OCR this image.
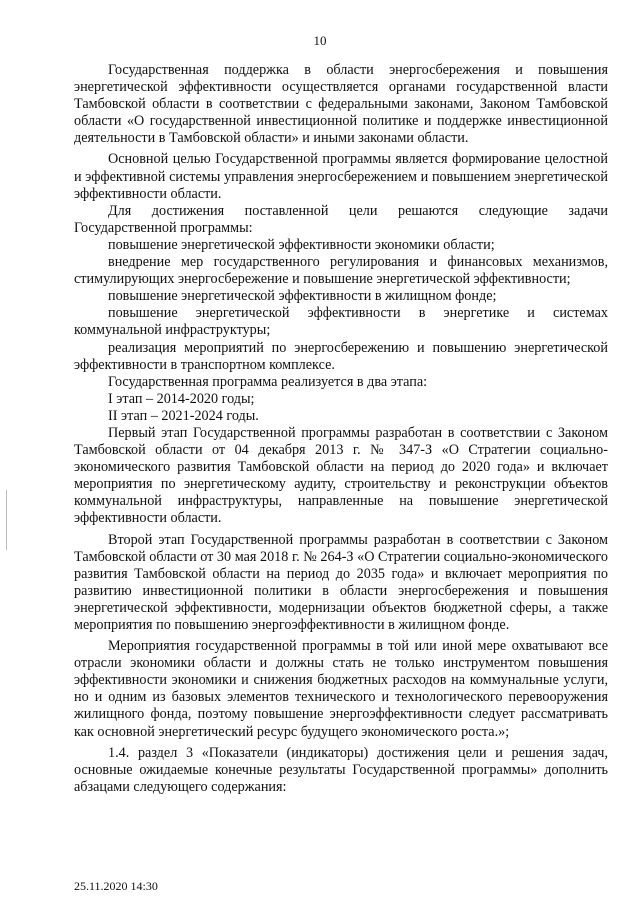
10

Государственная поддержка в области энергосбережения и повышения энергетической эффективности осуществляется органами государственной власти Тамбовской области в соответствии с федеральными законами, Законом Тамбовской области «О государственной инвестиционной политике и поддержке инвестиционной деятельности в Тамбовской области» и иными законами области.

Основной целью Государственной программы является формирование целостной и эффективной системы управления энергосбережением и повышением энергетической эффективности области.

Для достижения поставленной цели решаются следующие задачи Государственной программы:

повышение энергетической эффективности экономики области;

внедрение мер государственного регулирования и финансовых механизмов, стимулирующих энергосбережение и повышение энергетической эффективности;

повышение энергетической эффективности в жилищном фонде;

повышение энергетической эффективности в энергетике и системах коммунальной инфраструктуры;

реализация мероприятий по энергосбережению и повышению энергетической эффективности в транспортном комплексе.

Государственная программа реализуется в два этапа:

I этап – 2014-2020 годы;

II этап – 2021-2024 годы.

Первый этап Государственной программы разработан в соответствии с Законом Тамбовской области от 04 декабря 2013 г. № 347-З «О Стратегии социально-экономического развития Тамбовской области на период до 2020 года» и включает мероприятия по энергетическому аудиту, строительству и реконструкции объектов коммунальной инфраструктуры, направленные на повышение энергетической эффективности области.

Второй этап Государственной программы разработан в соответствии с Законом Тамбовской области от 30 мая 2018 г. № 264-З «О Стратегии социально-экономического развития Тамбовской области на период до 2035 года» и включает мероприятия по развитию инвестиционной политики в области энергосбережения и повышения энергетической эффективности, модернизации объектов бюджетной сферы, а также мероприятия по повышению энергоэффективности в жилищном фонде.

Мероприятия государственной программы в той или иной мере охватывают все отрасли экономики области и должны стать не только инструментом повышения эффективности экономики и снижения бюджетных расходов на коммунальные услуги, но и одним из базовых элементов технического и технологического перевооружения жилищного фонда, поэтому повышение энергоэффективности следует рассматривать как основной энергетический ресурс будущего экономического роста.»;

1.4. раздел 3 «Показатели (индикаторы) достижения цели и решения задач, основные ожидаемые конечные результаты Государственной программы» дополнить абзацами следующего содержания:

25.11.2020 14:30
